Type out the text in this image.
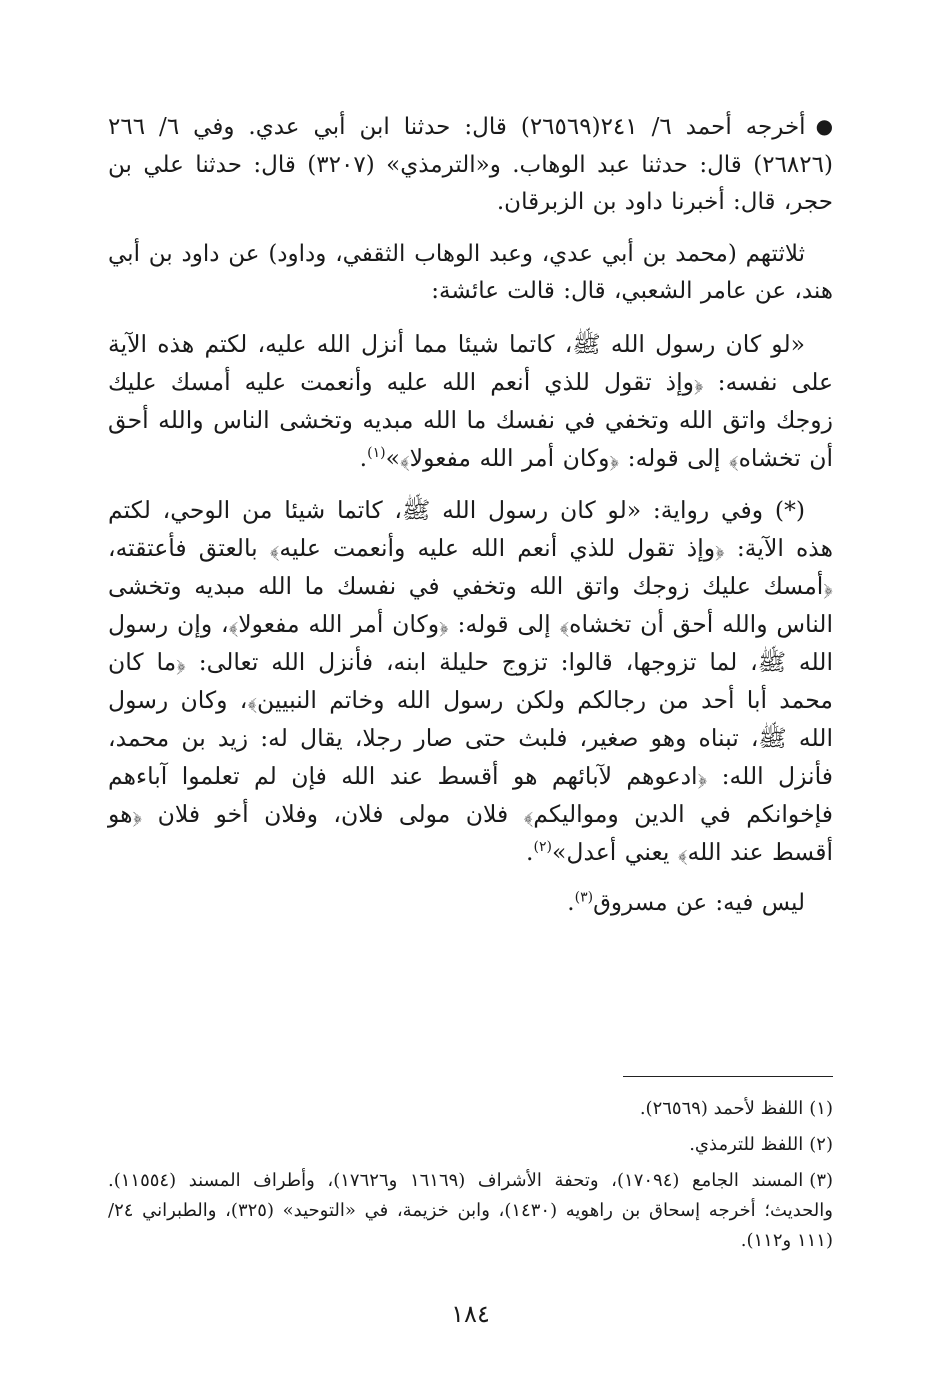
●أخرجه أحمد ٦/ ٢٤١(٢٦٥٦٩) قال: حدثنا ابن أبي عدي. وفي ٦/ ٢٦٦ (٢٦٨٢٦) قال: حدثنا عبد الوهاب. و«الترمذي» (٣٢٠٧) قال: حدثنا علي بن حجر، قال: أخبرنا داود بن الزبرقان.

ثلاثتهم (محمد بن أبي عدي، وعبد الوهاب الثقفي، وداود) عن داود بن أبي هند، عن عامر الشعبي، قال: قالت عائشة:

«لو كان رسول الله ﷺ، كاتما شيئا مما أنزل الله عليه، لكتم هذه الآية على نفسه: ﴿وإذ تقول للذي أنعم الله عليه وأنعمت عليه أمسك عليك زوجك واتق الله وتخفي في نفسك ما الله مبديه وتخشى الناس والله أحق أن تخشاه﴾ إلى قوله: ﴿وكان أمر الله مفعولا﴾»$^{(١)}$.

(*) وفي رواية: «لو كان رسول الله ﷺ، كاتما شيئا من الوحي، لكتم هذه الآية: ﴿وإذ تقول للذي أنعم الله عليه وأنعمت عليه﴾ بالعتق فأعتقته، ﴿أمسك عليك زوجك واتق الله وتخفي في نفسك ما الله مبديه وتخشى الناس والله أحق أن تخشاه﴾ إلى قوله: ﴿وكان أمر الله مفعولا﴾، وإن رسول الله ﷺ، لما تزوجها، قالوا: تزوج حليلة ابنه، فأنزل الله تعالى: ﴿ما كان محمد أبا أحد من رجالكم ولكن رسول الله وخاتم النبيين﴾، وكان رسول الله ﷺ، تبناه وهو صغير، فلبث حتى صار رجلا، يقال له: زيد بن محمد، فأنزل الله: ﴿ادعوهم لآبائهم هو أقسط عند الله فإن لم تعلموا آباءهم فإخوانكم في الدين ومواليكم﴾ فلان مولى فلان، وفلان أخو فلان ﴿هو أقسط عند الله﴾ يعني أعدل»$^{(٢)}$.

ليس فيه: عن مسروق$^{(٣)}$.

(١)اللفظ لأحمد (٢٦٥٦٩).

(٢)اللفظ للترمذي.

(٣)المسند الجامع (١٧٠٩٤)، وتحفة الأشراف (١٦١٦٩ و١٧٦٢٦)، وأطراف المسند (١١٥٥٤). والحديث؛ أخرجه إسحاق بن راهويه (١٤٣٠)، وابن خزيمة، في «التوحيد» (٣٢٥)، والطبراني ٢٤/ (١١١ و١١٢).

١٨٤
